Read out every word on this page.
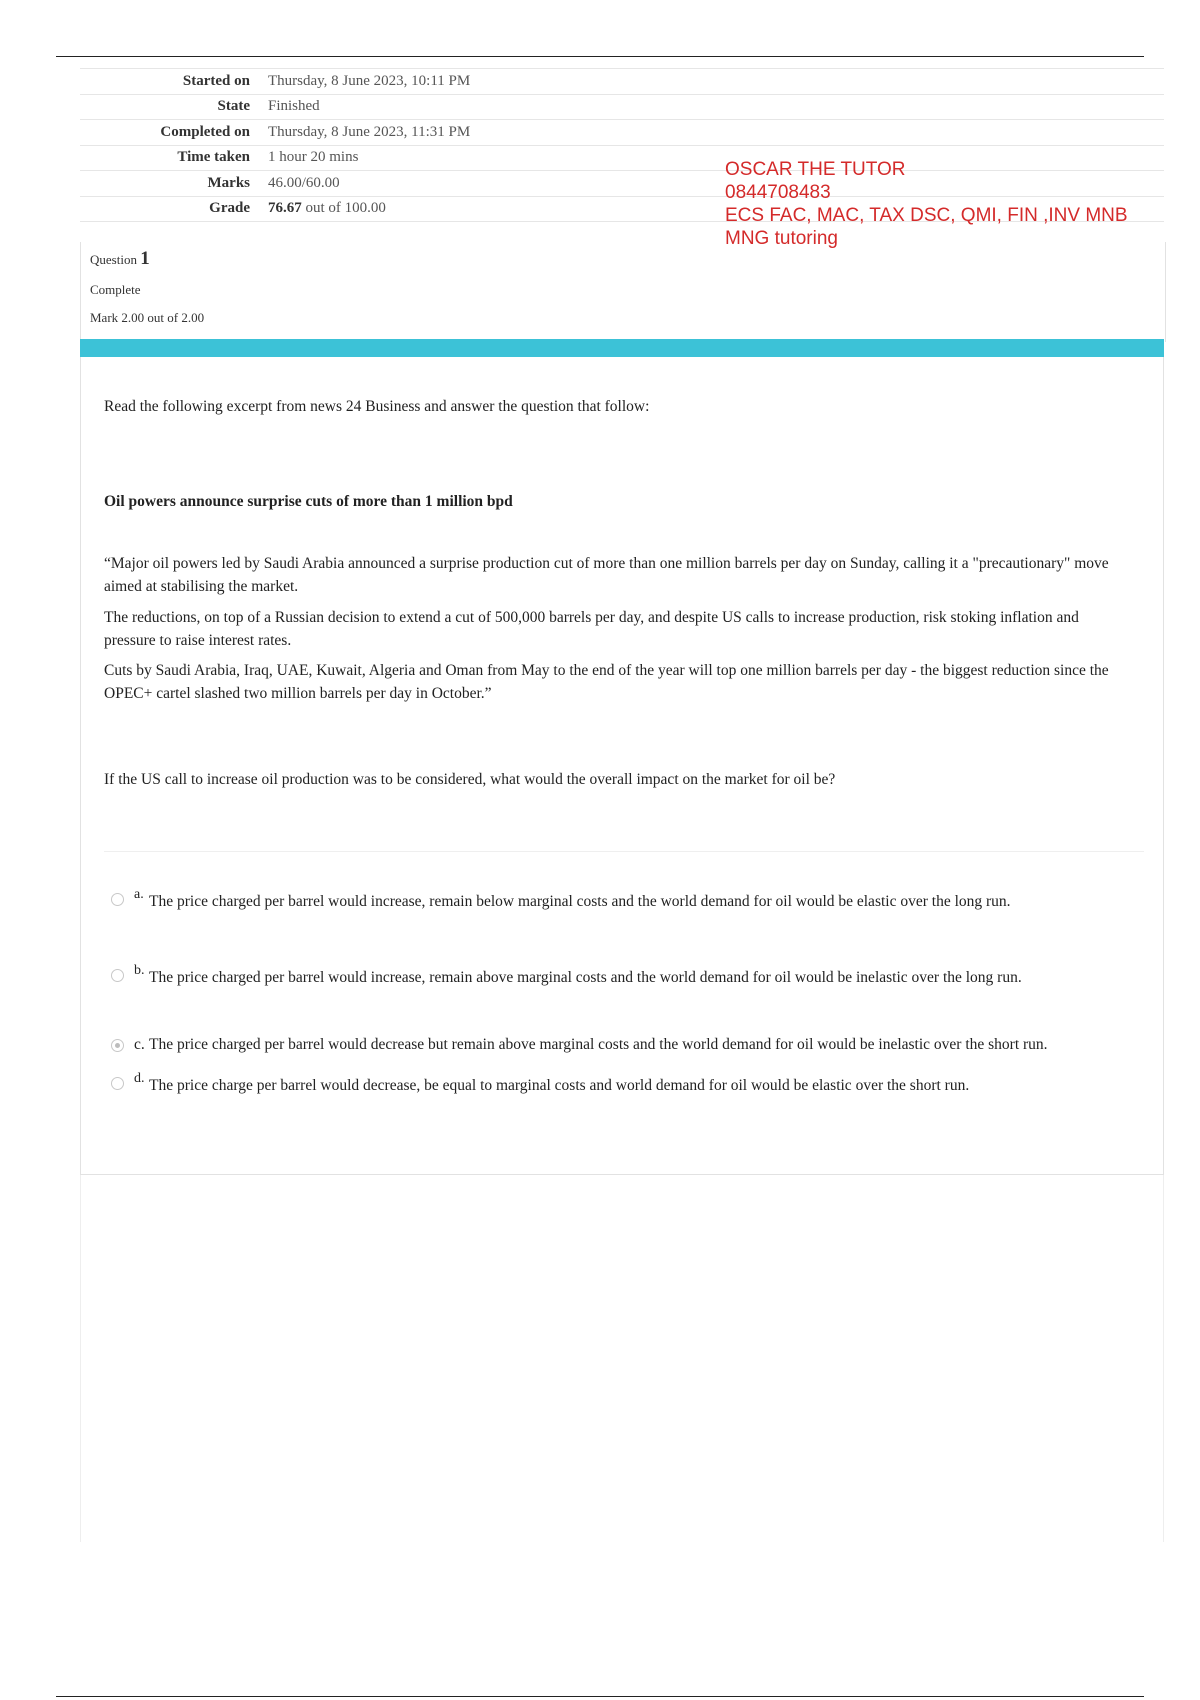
Started on	Thursday, 8 June 2023, 10:11 PM
State	Finished
Completed on	Thursday, 8 June 2023, 11:31 PM
Time taken	1 hour 20 mins
Marks	46.00/60.00
Grade	76.67 out of 100.00
OSCAR THE TUTOR
0844708483
ECS FAC, MAC, TAX DSC, QMI, FIN ,INV MNB
MNG tutoring
Question 1
Complete
Mark 2.00 out of 2.00

Read the following excerpt from news 24 Business and answer the question that follow:

Oil powers announce surprise cuts of more than 1 million bpd

“Major oil powers led by Saudi Arabia announced a surprise production cut of more than one million barrels per day on Sunday, calling it a "precautionary" move aimed at stabilising the market.

The reductions, on top of a Russian decision to extend a cut of 500,000 barrels per day, and despite US calls to increase production, risk stoking inflation and pressure to raise interest rates.

Cuts by Saudi Arabia, Iraq, UAE, Kuwait, Algeria and Oman from May to the end of the year will top one million barrels per day - the biggest reduction since the OPEC+ cartel slashed two million barrels per day in October.”

If the US call to increase oil production was to be considered, what would the overall impact on the market for oil be?

a. The price charged per barrel would increase, remain below marginal costs and the world demand for oil would be elastic over the long run.
b. The price charged per barrel would increase, remain above marginal costs and the world demand for oil would be inelastic over the long run.
c. The price charged per barrel would decrease but remain above marginal costs and the world demand for oil would be inelastic over the short run.
d. The price charge per barrel would decrease, be equal to marginal costs and world demand for oil would be elastic over the short run.
